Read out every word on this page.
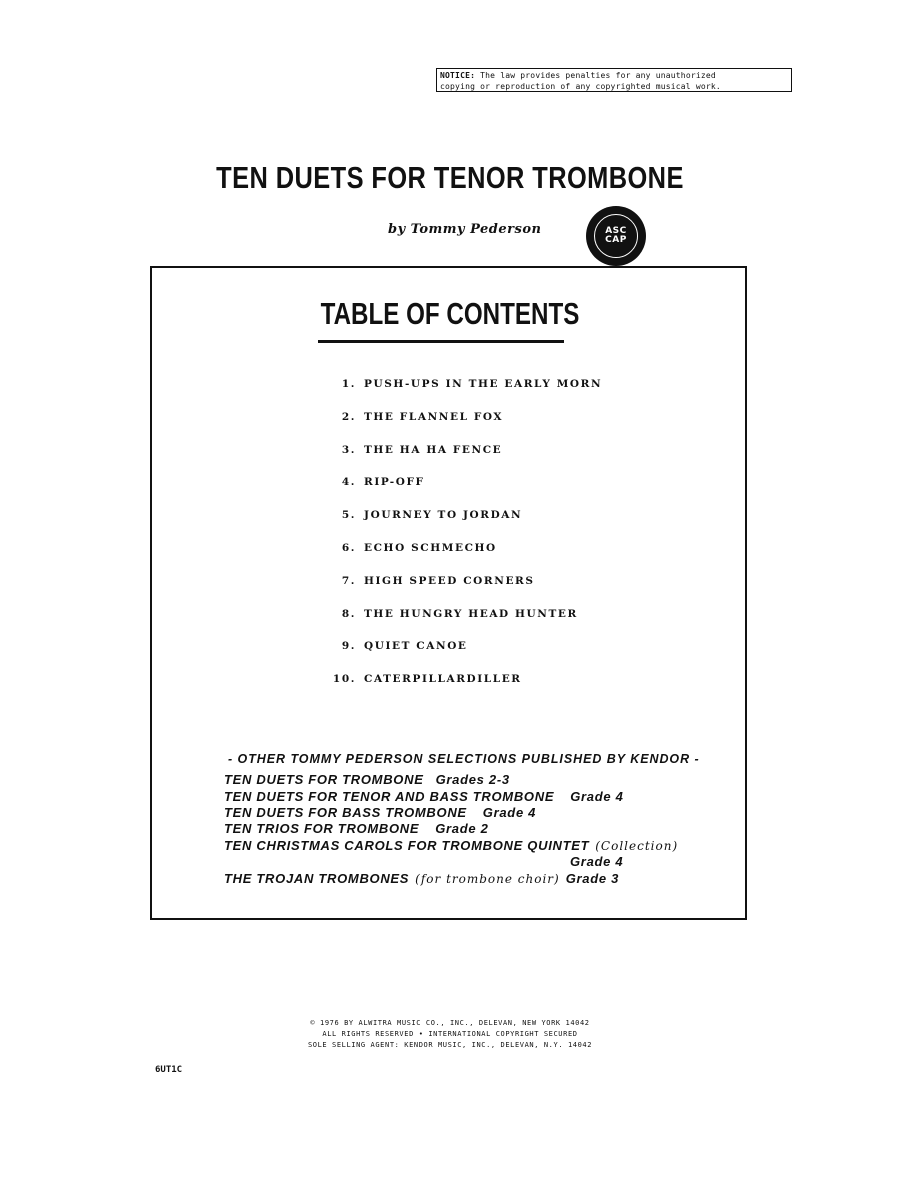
NOTICE: The law provides penalties for any unauthorized
copying or reproduction of any copyrighted musical work.
TEN DUETS FOR TENOR TROMBONE
by Tommy Pederson	ASC
CAP
TABLE OF CONTENTS
1. PUSH-UPS IN THE EARLY MORN
2. THE FLANNEL FOX
3. THE HA HA FENCE
4. RIP-OFF
5. JOURNEY TO JORDAN
6. ECHO SCHMECHO
7. HIGH SPEED CORNERS
8. THE HUNGRY HEAD HUNTER
9. QUIET CANOE
10. CATERPILLARDILLER
- OTHER TOMMY PEDERSON SELECTIONS PUBLISHED BY KENDOR -
TEN DUETS FOR TROMBONE Grades 2-3
TEN DUETS FOR TENOR AND BASS TROMBONE Grade 4
TEN DUETS FOR BASS TROMBONE Grade 4
TEN TRIOS FOR TROMBONE Grade 2
TEN CHRISTMAS CAROLS FOR TROMBONE QUINTET (Collection)
Grade 4
THE TROJAN TROMBONES (for trombone choir) Grade 3
© 1976 BY ALWITRA MUSIC CO., INC., DELEVAN, NEW YORK 14042
ALL RIGHTS RESERVED • INTERNATIONAL COPYRIGHT SECURED
SOLE SELLING AGENT: KENDOR MUSIC, INC., DELEVAN, N.Y. 14042
6UT1C
